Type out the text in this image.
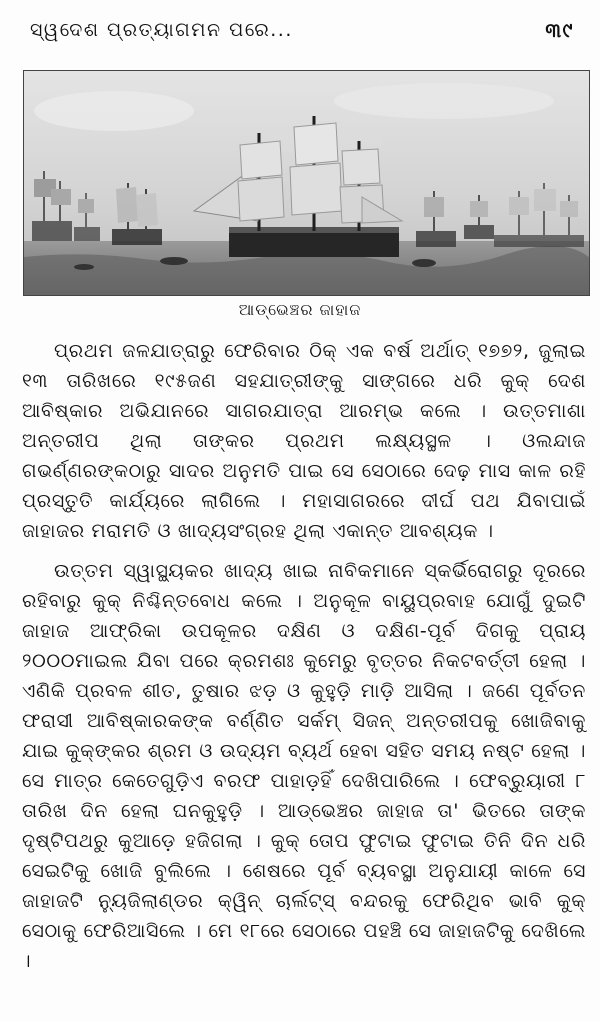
ସ୍ୱଦେଶ ପ୍ରତ୍ୟାଗମନ ପରେ...	୩୯
ଆଡ୍‌ଭେଞ୍ଚର ଜାହାଜ

ପ୍ରଥମ ଜଳଯାତ୍ରାରୁ ଫେରିବାର ଠିକ୍ ଏକ ବର୍ଷ ଅର୍ଥାତ୍ ୧୭୭୨, ଜୁଲାଇ ୧୩ ତାରିଖରେ ୧୯୫ଜଣ ସହଯାତ୍ରୀଙ୍କୁ ସାଙ୍ଗରେ ଧରି କୁକ୍ ଦେଶ ଆବିଷ୍କାର ଅଭିଯାନରେ ସାଗରଯାତ୍ରା ଆରମ୍ଭ କଲେ । ଉତ୍ତମାଶା ଅନ୍ତରୀପ ଥିଲା ତାଙ୍କର ପ୍ରଥମ ଲକ୍ଷ୍ୟସ୍ଥଳ । ଓଲନ୍ଦାଜ ଗଭର୍ଣ୍ଣରଙ୍କଠାରୁ ସାଦର ଅନୁମତି ପାଇ ସେ ସେଠାରେ ଦେଢ଼ ମାସ କାଳ ରହି ପ୍ରସ୍ତୁତି କାର୍ଯ୍ୟରେ ଲାଗିଲେ । ମହାସାଗରରେ ଦୀର୍ଘ ପଥ ଯିବାପାଇଁ ଜାହାଜର ମରାମତି ଓ ଖାଦ୍ୟସଂଗ୍ରହ ଥିଲା ଏକାନ୍ତ ଆବଶ୍ୟକ ।

ଉତ୍ତମ ସ୍ୱାସ୍ଥ୍ୟକର ଖାଦ୍ୟ ଖାଇ ନାବିକମାନେ ସ୍କର୍ଭିରୋଗରୁ ଦୂରରେ ରହିବାରୁ କୁକ୍ ନିଶ୍ଚିନ୍ତବୋଧ କଲେ । ଅନୁକୂଳ ବାୟୁପ୍ରବାହ ଯୋଗୁଁ ଦୁଇଟି ଜାହାଜ ଆଫ୍ରିକା ଉପକୂଳର ଦକ୍ଷିଣ ଓ ଦକ୍ଷିଣ-ପୂର୍ବ ଦିଗକୁ ପ୍ରାୟ ୨୦୦୦ମାଇଲ ଯିବା ପରେ କ୍ରମଶଃ କୁମେରୁ ବୃତ୍ତର ନିକଟବର୍ତ୍ତୀ ହେଲା । ଏଣିକି ପ୍ରବଳ ଶୀତ, ତୁଷାର ଝଡ଼ ଓ କୁହୁଡ଼ି ମାଡ଼ି ଆସିଲା । ଜଣେ ପୂର୍ବତନ ଫରାସୀ ଆବିଷ୍କାରକଙ୍କ ବର୍ଣ୍ଣିତ ସର୍କମ୍ ସିଜନ୍ ଅନ୍ତରୀପକୁ ଖୋଜିବାକୁ ଯାଇ କୁକ୍‌ଙ୍କର ଶ୍ରମ ଓ ଉଦ୍ୟମ ବ୍ୟର୍ଥ ହେବା ସହିତ ସମୟ ନଷ୍ଟ ହେଲା । ସେ ମାତ୍ର କେତେଗୁଡ଼ିଏ ବରଫ ପାହାଡ଼ହିଁ ଦେଖିପାରିଲେ । ଫେବ୍ରୁୟାରୀ ୮ ତାରିଖ ଦିନ ହେଲା ଘନକୁହୁଡ଼ି । ଆଡ୍‌ଭେଞ୍ଚର ଜାହାଜ ତା' ଭିତରେ ତାଙ୍କ ଦୃଷ୍ଟିପଥରୁ କୁଆଡ଼େ ହଜିଗଲା । କୁକ୍ ତୋପ ଫୁଟାଇ ଫୁଟାଇ ତିନି ଦିନ ଧରି ସେଇଟିକୁ ଖୋଜି ବୁଲିଲେ । ଶେଷରେ ପୂର୍ବ ବ୍ୟବସ୍ଥା ଅନୁଯାୟୀ କାଳେ ସେ ଜାହାଜଟି ନ୍ୟୁଜିଲାଣ୍ଡର କ୍ୱିନ୍ ଚାର୍ଲଟ୍‌ସ୍ ବନ୍ଦରକୁ ଫେରିଥିବ ଭାବି କୁକ୍ ସେଠାକୁ ଫେରିଆସିଲେ । ମେ ୧୮ରେ ସେଠାରେ ପହଞ୍ଚି ସେ ଜାହାଜଟିକୁ ଦେଖିଲେ ।
